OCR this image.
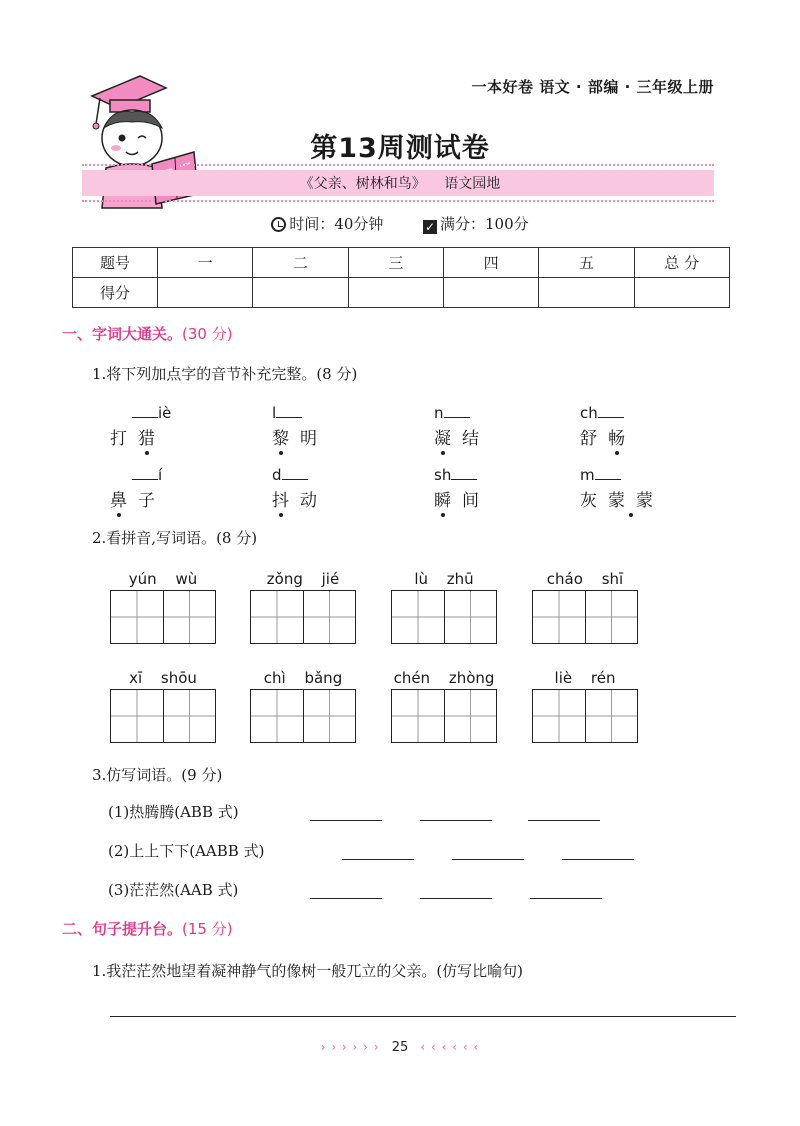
一本好卷 语文 · 部编 · 三年级上册
第13周测试卷
《父亲、树林和鸟》 语文园地
时间：40分钟	✓ 满分：100分
题号	一	二	三	四	五	总 分
得分						
一、字词大通关。(30 分)
1.将下列加点字的音节补充完整。(8 分)
iè
打猎
l
黎明
n
凝结
ch
舒畅
í
鼻子
d
抖动
sh
瞬间
m
灰蒙蒙
2.看拼音,写词语。(8 分)
yún wù	zǒng jié	lù zhū	cháo shī
xī shōu	chì bǎng	chén zhòng	liè rén
3.仿写词语。(9 分)
(1)热腾腾(ABB 式)
(2)上上下下(AABB 式)
(3)茫茫然(AAB 式)
二、句子提升台。(15 分)
1.我茫茫然地望着凝神静气的像树一般兀立的父亲。(仿写比喻句)
› › › › › › 25 ‹ ‹ ‹ ‹ ‹ ‹
